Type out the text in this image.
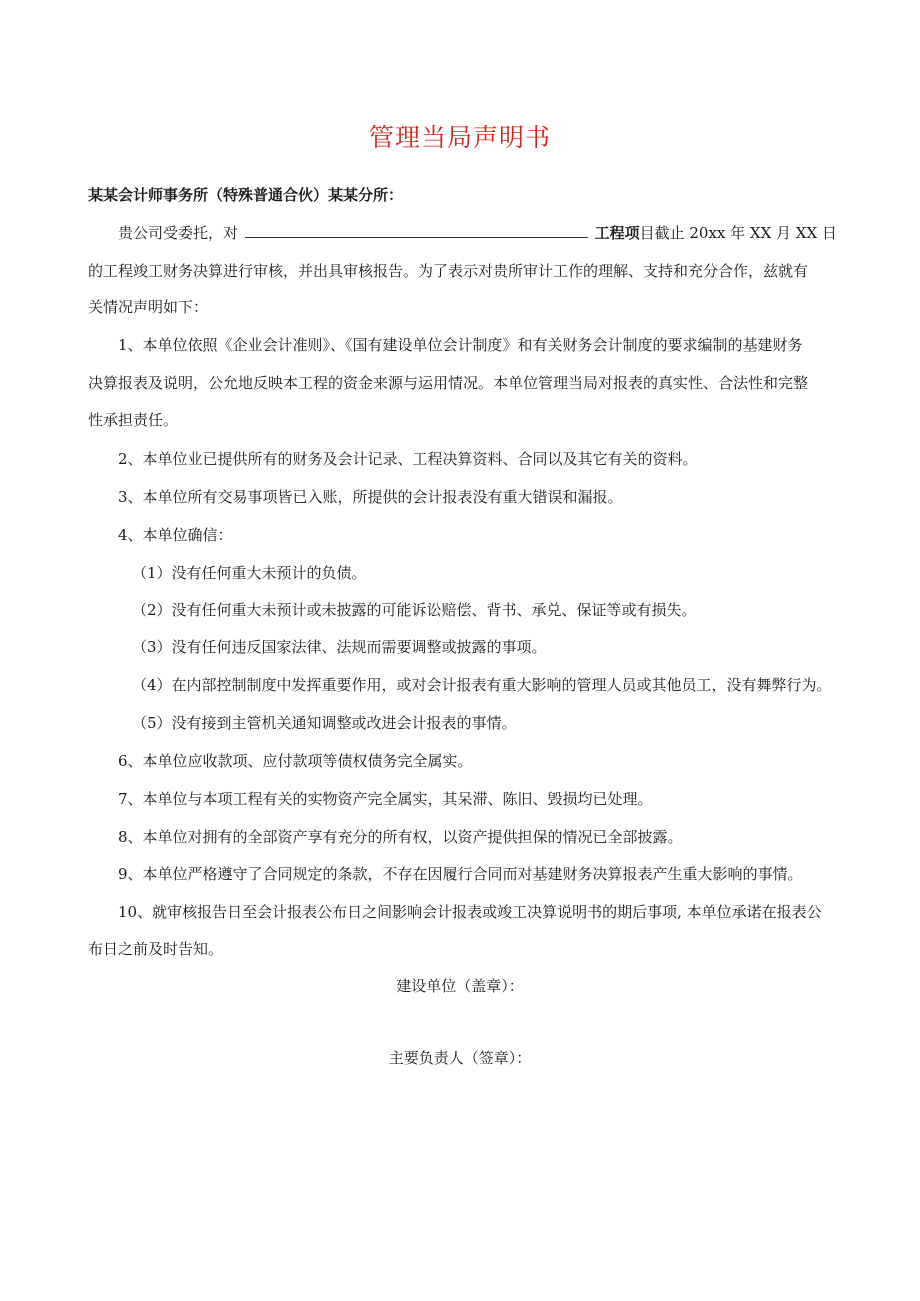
管理当局声明书
某某会计师事务所（特殊普通合伙）某某分所：
贵公司受委托，对	工程项目截止 20xx 年 XX 月 XX 日
的工程竣工财务决算进行审核，并出具审核报告。为了表示对贵所审计工作的理解、支持和充分合作，兹就有
关情况声明如下：
1、本单位依照《企业会计准则》、《国有建设单位会计制度》和有关财务会计制度的要求编制的基建财务
决算报表及说明，公允地反映本工程的资金来源与运用情况。本单位管理当局对报表的真实性、合法性和完整
性承担责任。
2、本单位业已提供所有的财务及会计记录、工程决算资料、合同以及其它有关的资料。
3、本单位所有交易事项皆已入账，所提供的会计报表没有重大错误和漏报。
4、本单位确信：
（1）没有任何重大未预计的负债。
（2）没有任何重大未预计或未披露的可能诉讼赔偿、背书、承兑、保证等或有损失。
（3）没有任何违反国家法律、法规而需要调整或披露的事项。
（4）在内部控制制度中发挥重要作用，或对会计报表有重大影响的管理人员或其他员工，没有舞弊行为。
（5）没有接到主管机关通知调整或改进会计报表的事情。
6、本单位应收款项、应付款项等债权债务完全属实。
7、本单位与本项工程有关的实物资产完全属实，其呆滞、陈旧、毁损均已处理。
8、本单位对拥有的全部资产享有充分的所有权，以资产提供担保的情况已全部披露。
9、本单位严格遵守了合同规定的条款，不存在因履行合同而对基建财务决算报表产生重大影响的事情。
10、就审核报告日至会计报表公布日之间影响会计报表或竣工决算说明书的期后事项, 本单位承诺在报表公
布日之前及时告知。
建设单位（盖章）：
主要负责人（签章）：
